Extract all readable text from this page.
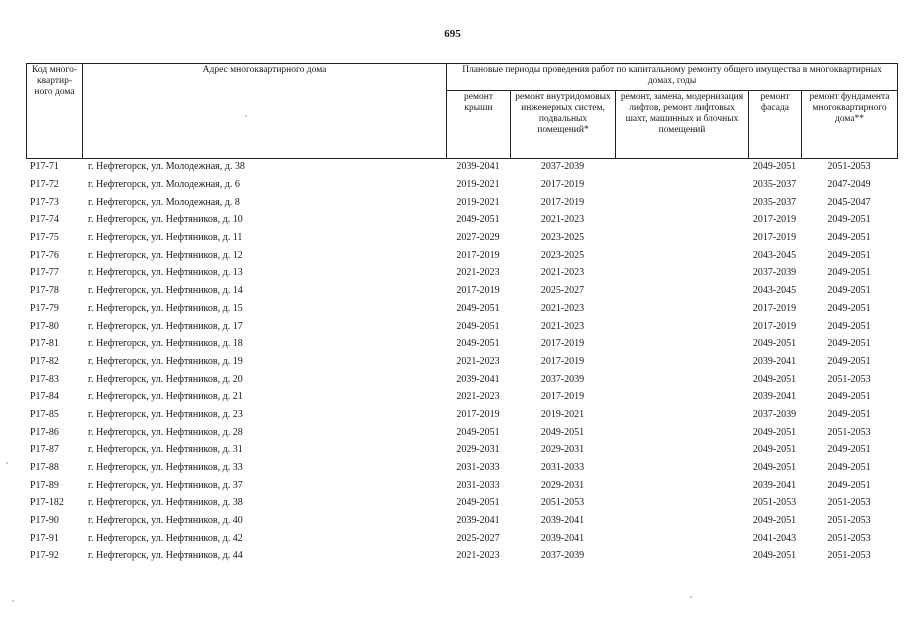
695
Код много-квартир-ного дома	Адрес многоквартирного дома	Плановые периоды проведения работ по капитальному ремонту общего имущества в многоквартирных домах, годы				
		ремонт крыши	ремонт внутридомовых инженерных систем, подвальных помещений*	ремонт, замена, модернизация лифтов, ремонт лифтовых шахт, машинных и блочных помещений	ремонт фасада	ремонт фундамента многоквартирного дома**
Р17-71	г. Нефтегорск, ул. Молодежная, д. 38	2039-2041	2037-2039		2049-2051	2051-2053
Р17-72	г. Нефтегорск, ул. Молодежная, д. 6	2019-2021	2017-2019		2035-2037	2047-2049
Р17-73	г. Нефтегорск, ул. Молодежная, д. 8	2019-2021	2017-2019		2035-2037	2045-2047
Р17-74	г. Нефтегорск, ул. Нефтяников, д. 10	2049-2051	2021-2023		2017-2019	2049-2051
Р17-75	г. Нефтегорск, ул. Нефтяников, д. 11	2027-2029	2023-2025		2017-2019	2049-2051
Р17-76	г. Нефтегорск, ул. Нефтяников, д. 12	2017-2019	2023-2025		2043-2045	2049-2051
Р17-77	г. Нефтегорск, ул. Нефтяников, д. 13	2021-2023	2021-2023		2037-2039	2049-2051
Р17-78	г. Нефтегорск, ул. Нефтяников, д. 14	2017-2019	2025-2027		2043-2045	2049-2051
Р17-79	г. Нефтегорск, ул. Нефтяников, д. 15	2049-2051	2021-2023		2017-2019	2049-2051
Р17-80	г. Нефтегорск, ул. Нефтяников, д. 17	2049-2051	2021-2023		2017-2019	2049-2051
Р17-81	г. Нефтегорск, ул. Нефтяников, д. 18	2049-2051	2017-2019		2049-2051	2049-2051
Р17-82	г. Нефтегорск, ул. Нефтяников, д. 19	2021-2023	2017-2019		2039-2041	2049-2051
Р17-83	г. Нефтегорск, ул. Нефтяников, д. 20	2039-2041	2037-2039		2049-2051	2051-2053
Р17-84	г. Нефтегорск, ул. Нефтяников, д. 21	2021-2023	2017-2019		2039-2041	2049-2051
Р17-85	г. Нефтегорск, ул. Нефтяников, д. 23	2017-2019	2019-2021		2037-2039	2049-2051
Р17-86	г. Нефтегорск, ул. Нефтяников, д. 28	2049-2051	2049-2051		2049-2051	2051-2053
Р17-87	г. Нефтегорск, ул. Нефтяников, д. 31	2029-2031	2029-2031		2049-2051	2049-2051
Р17-88	г. Нефтегорск, ул. Нефтяников, д. 33	2031-2033	2031-2033		2049-2051	2049-2051
Р17-89	г. Нефтегорск, ул. Нефтяников, д. 37	2031-2033	2029-2031		2039-2041	2049-2051
Р17-182	г. Нефтегорск, ул. Нефтяников, д. 38	2049-2051	2051-2053		2051-2053	2051-2053
Р17-90	г. Нефтегорск, ул. Нефтяников, д. 40	2039-2041	2039-2041		2049-2051	2051-2053
Р17-91	г. Нефтегорск, ул. Нефтяников, д. 42	2025-2027	2039-2041		2041-2043	2051-2053
Р17-92	г. Нефтегорск, ул. Нефтяников, д. 44	2021-2023	2037-2039		2049-2051	2051-2053
